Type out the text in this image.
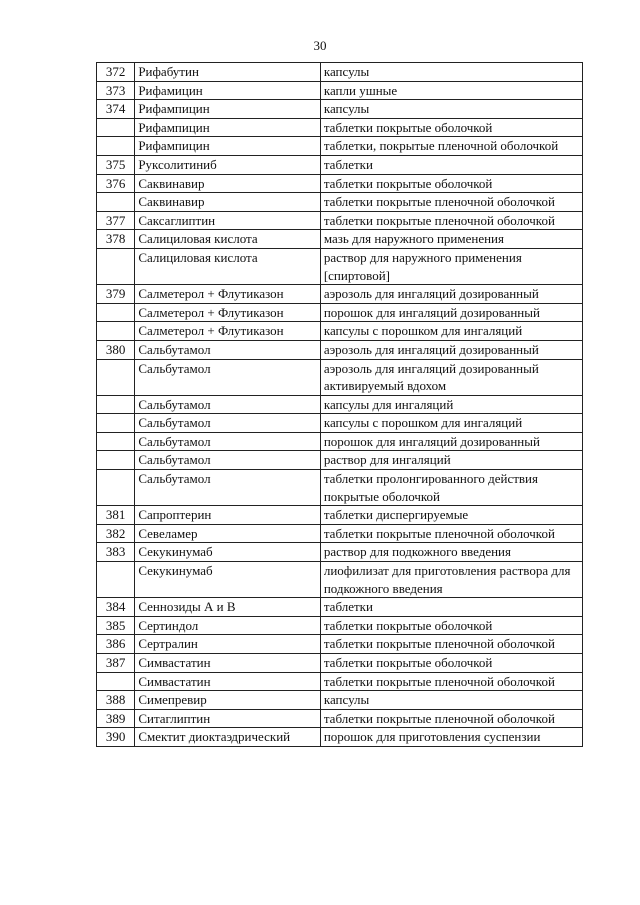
30
372	Рифабутин	капсулы
373	Рифамицин	капли ушные
374	Рифампицин	капсулы
	Рифампицин	таблетки покрытые оболочкой
	Рифампицин	таблетки, покрытые пленочной оболочкой
375	Руксолитиниб	таблетки
376	Саквинавир	таблетки покрытые оболочкой
	Саквинавир	таблетки покрытые пленочной оболочкой
377	Саксаглиптин	таблетки покрытые пленочной оболочкой
378	Салициловая кислота	мазь для наружного применения
	Салициловая кислота	раствор для наружного применения [спиртовой]
379	Салметерол + Флутиказон	аэрозоль для ингаляций дозированный
	Салметерол + Флутиказон	порошок для ингаляций дозированный
	Салметерол + Флутиказон	капсулы с порошком для ингаляций
380	Сальбутамол	аэрозоль для ингаляций дозированный
	Сальбутамол	аэрозоль для ингаляций дозированный активируемый вдохом
	Сальбутамол	капсулы для ингаляций
	Сальбутамол	капсулы с порошком для ингаляций
	Сальбутамол	порошок для ингаляций дозированный
	Сальбутамол	раствор для ингаляций
	Сальбутамол	таблетки пролонгированного действия покрытые оболочкой
381	Сапроптерин	таблетки диспергируемые
382	Севеламер	таблетки покрытые пленочной оболочкой
383	Секукинумаб	раствор для подкожного введения
	Секукинумаб	лиофилизат для приготовления раствора для подкожного введения
384	Сеннозиды А и В	таблетки
385	Сертиндол	таблетки покрытые оболочкой
386	Сертралин	таблетки покрытые пленочной оболочкой
387	Симвастатин	таблетки покрытые оболочкой
	Симвастатин	таблетки покрытые пленочной оболочкой
388	Симепревир	капсулы
389	Ситаглиптин	таблетки покрытые пленочной оболочкой
390	Смектит диоктаэдрический	порошок для приготовления суспензии
